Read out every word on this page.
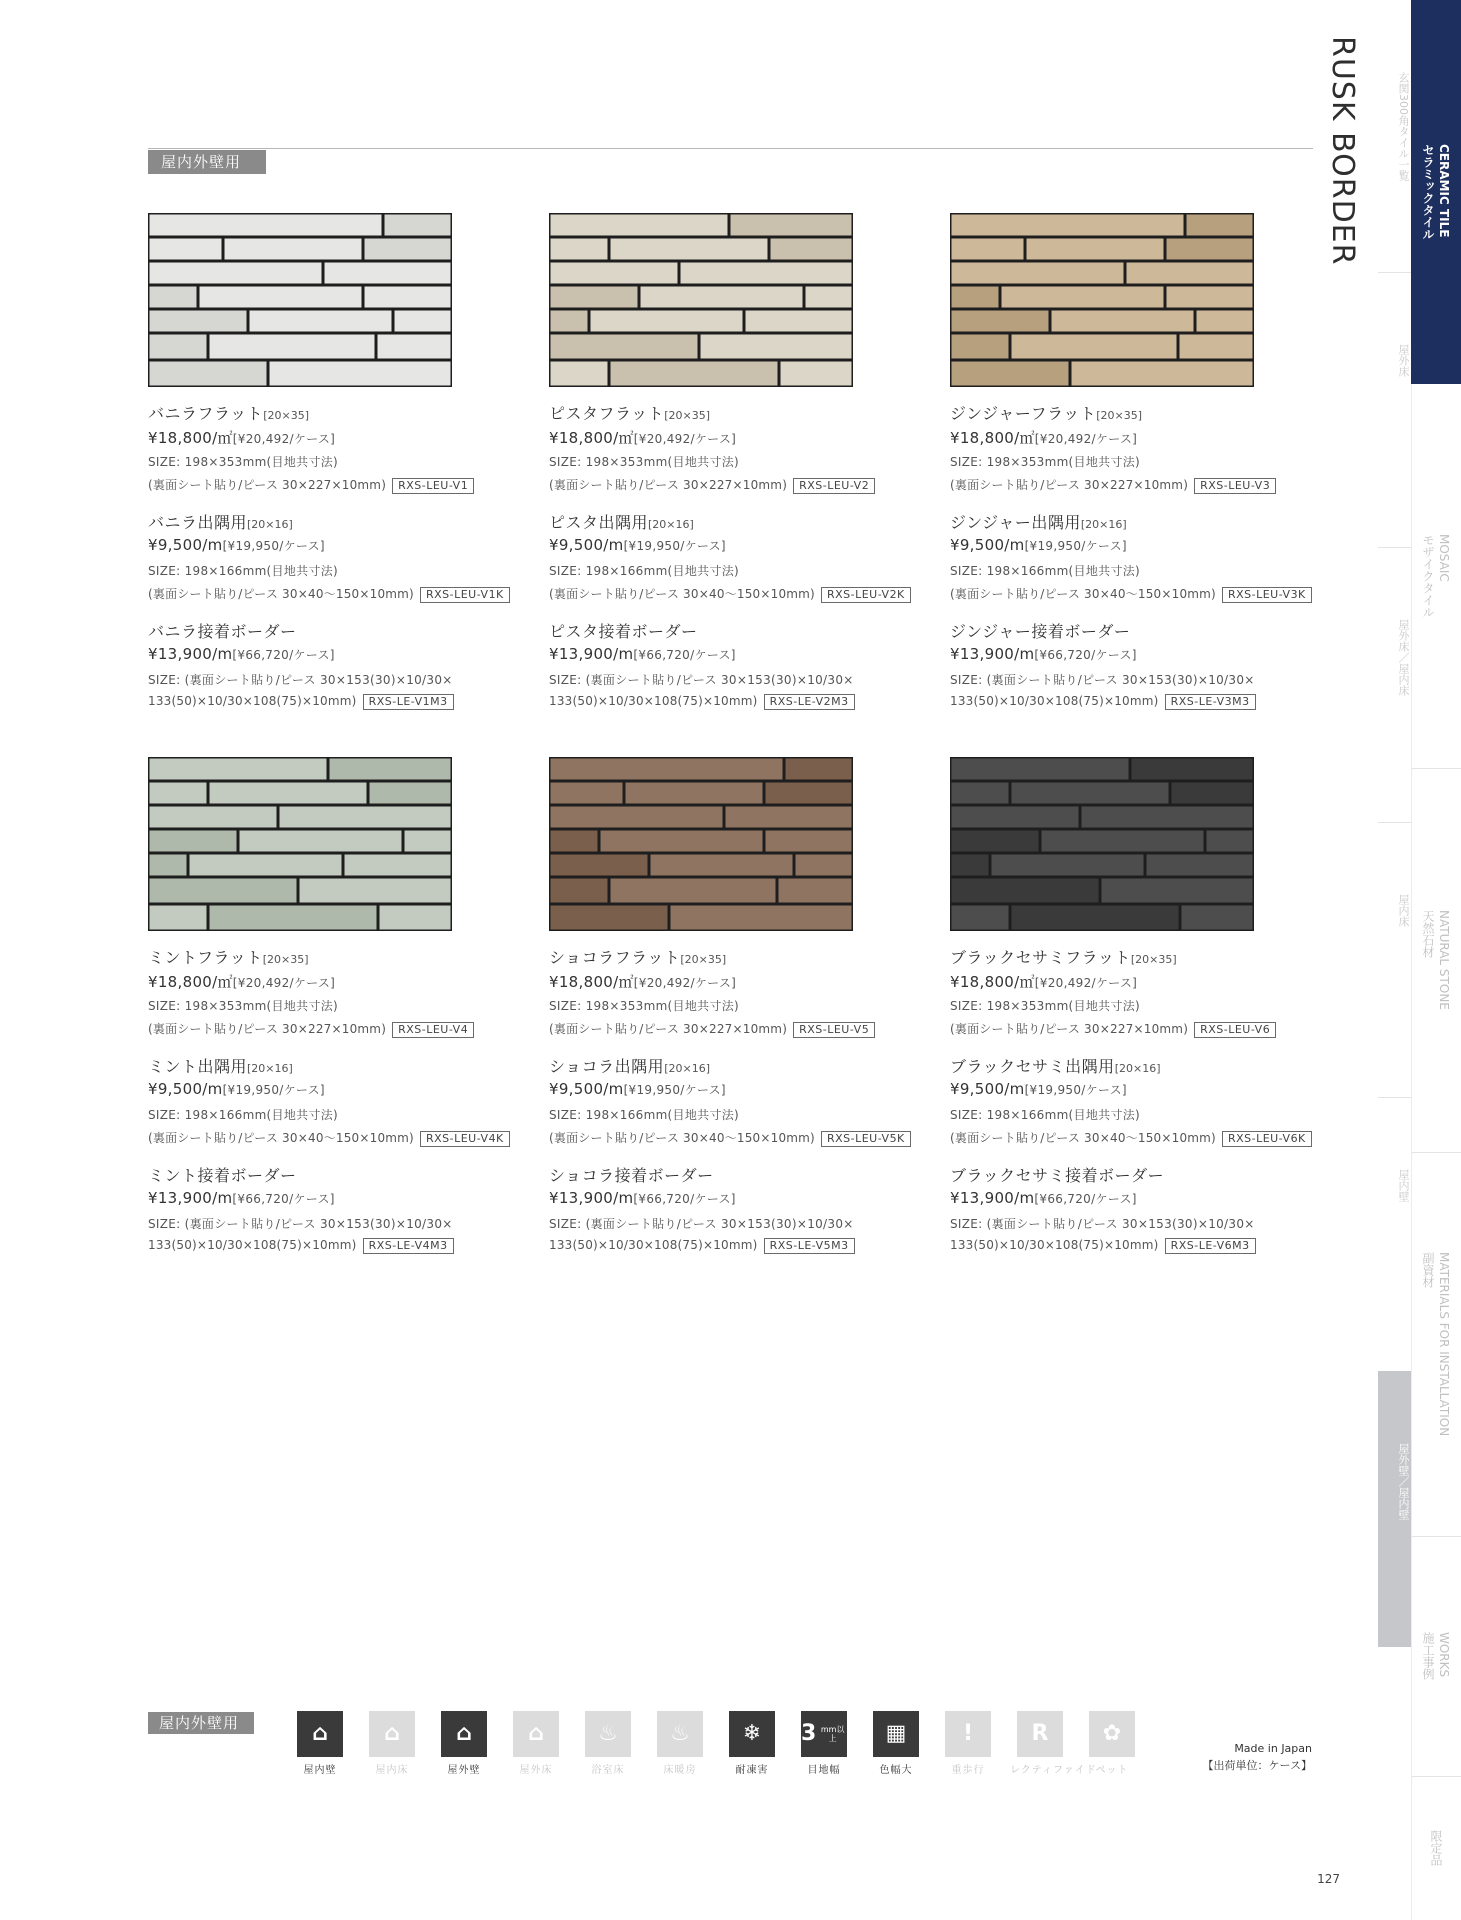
屋内外壁用	RUSK BORDER	玄関300角タイル一覧
屋外床
屋外床／屋内床
屋内床
屋内壁
屋外壁／屋内壁
CERAMIC TILE
セラミックタイル
MOSAIC
モザイクタイル
NATURAL STONE
天然石材
MATERIALS FOR INSTALLATION
副資材
WORKS
施工事例
限定品
バニラフラット[20×35]
¥18,800/㎡[¥20,492/ケース]
SIZE: 198×353mm(目地共寸法)
(裏面シート貼り/ピース 30×227×10mm) RXS-LEU-V1
バニラ出隅用[20×16]
¥9,500/m[¥19,950/ケース]
SIZE: 198×166mm(目地共寸法)
(裏面シート貼り/ピース 30×40～150×10mm) RXS-LEU-V1K
バニラ接着ボーダー
¥13,900/m[¥66,720/ケース]
SIZE: (裏面シート貼り/ピース 30×153(30)×10/30×
133(50)×10/30×108(75)×10mm) RXS-LE-V1M3
ピスタフラット[20×35]
¥18,800/㎡[¥20,492/ケース]
SIZE: 198×353mm(目地共寸法)
(裏面シート貼り/ピース 30×227×10mm) RXS-LEU-V2
ピスタ出隅用[20×16]
¥9,500/m[¥19,950/ケース]
SIZE: 198×166mm(目地共寸法)
(裏面シート貼り/ピース 30×40～150×10mm) RXS-LEU-V2K
ピスタ接着ボーダー
¥13,900/m[¥66,720/ケース]
SIZE: (裏面シート貼り/ピース 30×153(30)×10/30×
133(50)×10/30×108(75)×10mm) RXS-LE-V2M3
ジンジャーフラット[20×35]
¥18,800/㎡[¥20,492/ケース]
SIZE: 198×353mm(目地共寸法)
(裏面シート貼り/ピース 30×227×10mm) RXS-LEU-V3
ジンジャー出隅用[20×16]
¥9,500/m[¥19,950/ケース]
SIZE: 198×166mm(目地共寸法)
(裏面シート貼り/ピース 30×40～150×10mm) RXS-LEU-V3K
ジンジャー接着ボーダー
¥13,900/m[¥66,720/ケース]
SIZE: (裏面シート貼り/ピース 30×153(30)×10/30×
133(50)×10/30×108(75)×10mm) RXS-LE-V3M3
ミントフラット[20×35]
¥18,800/㎡[¥20,492/ケース]
SIZE: 198×353mm(目地共寸法)
(裏面シート貼り/ピース 30×227×10mm) RXS-LEU-V4
ミント出隅用[20×16]
¥9,500/m[¥19,950/ケース]
SIZE: 198×166mm(目地共寸法)
(裏面シート貼り/ピース 30×40～150×10mm) RXS-LEU-V4K
ミント接着ボーダー
¥13,900/m[¥66,720/ケース]
SIZE: (裏面シート貼り/ピース 30×153(30)×10/30×
133(50)×10/30×108(75)×10mm) RXS-LE-V4M3
ショコラフラット[20×35]
¥18,800/㎡[¥20,492/ケース]
SIZE: 198×353mm(目地共寸法)
(裏面シート貼り/ピース 30×227×10mm) RXS-LEU-V5
ショコラ出隅用[20×16]
¥9,500/m[¥19,950/ケース]
SIZE: 198×166mm(目地共寸法)
(裏面シート貼り/ピース 30×40～150×10mm) RXS-LEU-V5K
ショコラ接着ボーダー
¥13,900/m[¥66,720/ケース]
SIZE: (裏面シート貼り/ピース 30×153(30)×10/30×
133(50)×10/30×108(75)×10mm) RXS-LE-V5M3
ブラックセサミフラット[20×35]
¥18,800/㎡[¥20,492/ケース]
SIZE: 198×353mm(目地共寸法)
(裏面シート貼り/ピース 30×227×10mm) RXS-LEU-V6
ブラックセサミ出隅用[20×16]
¥9,500/m[¥19,950/ケース]
SIZE: 198×166mm(目地共寸法)
(裏面シート貼り/ピース 30×40～150×10mm) RXS-LEU-V6K
ブラックセサミ接着ボーダー
¥13,900/m[¥66,720/ケース]
SIZE: (裏面シート貼り/ピース 30×153(30)×10/30×
133(50)×10/30×108(75)×10mm) RXS-LE-V6M3
屋内外壁用	⌂
屋内壁
⌂
屋内床
⌂
屋外壁
⌂
屋外床
♨
浴室床
♨
床暖房
❄
耐凍害
3 mm以上
目地幅
▦
色幅大
!
重歩行
R
レクティファイド
✿
ペット
Made in Japan
【出荷単位：ケース】
127
